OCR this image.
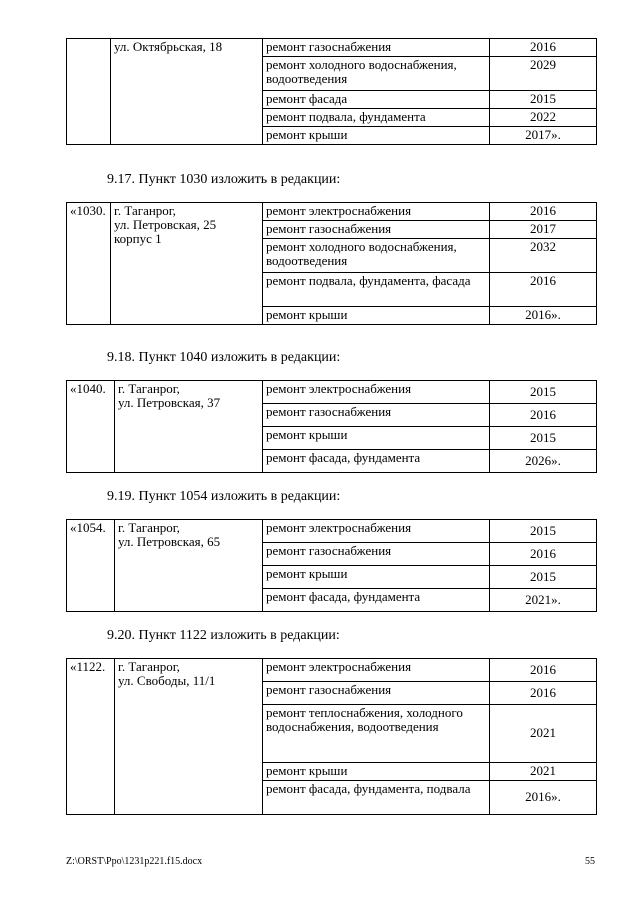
	ул. Октябрьская, 18	ремонт газоснабжения	2016
		ремонт холодного водоснабжения, водоотведения	2029
		ремонт фасада	2015
		ремонт подвала, фундамента	2022
		ремонт крыши	2017».
9.17. Пункт 1030 изложить в редакции:
«1030.	г. Таганрог,
ул. Петровская, 25
корпус 1	ремонт электроснабжения	2016
		ремонт газоснабжения	2017
		ремонт холодного водоснабжения, водоотведения	2032
		ремонт подвала, фундамента, фасада	2016
		ремонт крыши	2016».
9.18. Пункт 1040 изложить в редакции:
«1040.	г. Таганрог,
ул. Петровская, 37	ремонт электроснабжения	2015
		ремонт газоснабжения	2016
		ремонт крыши	2015
		ремонт фасада, фундамента	2026».
9.19. Пункт 1054 изложить в редакции:
«1054.	г. Таганрог,
ул. Петровская, 65	ремонт электроснабжения	2015
		ремонт газоснабжения	2016
		ремонт крыши	2015
		ремонт фасада, фундамента	2021».
9.20. Пункт 1122 изложить в редакции:
«1122.	г. Таганрог,
ул. Свободы, 11/1	ремонт электроснабжения	2016
		ремонт газоснабжения	2016
		ремонт теплоснабжения, холодного водоснабжения, водоотведения	2021
		ремонт крыши	2021
		ремонт фасада, фундамента, подвала	2016».
Z:\ORST\Ppo\1231p221.f15.docx	55
